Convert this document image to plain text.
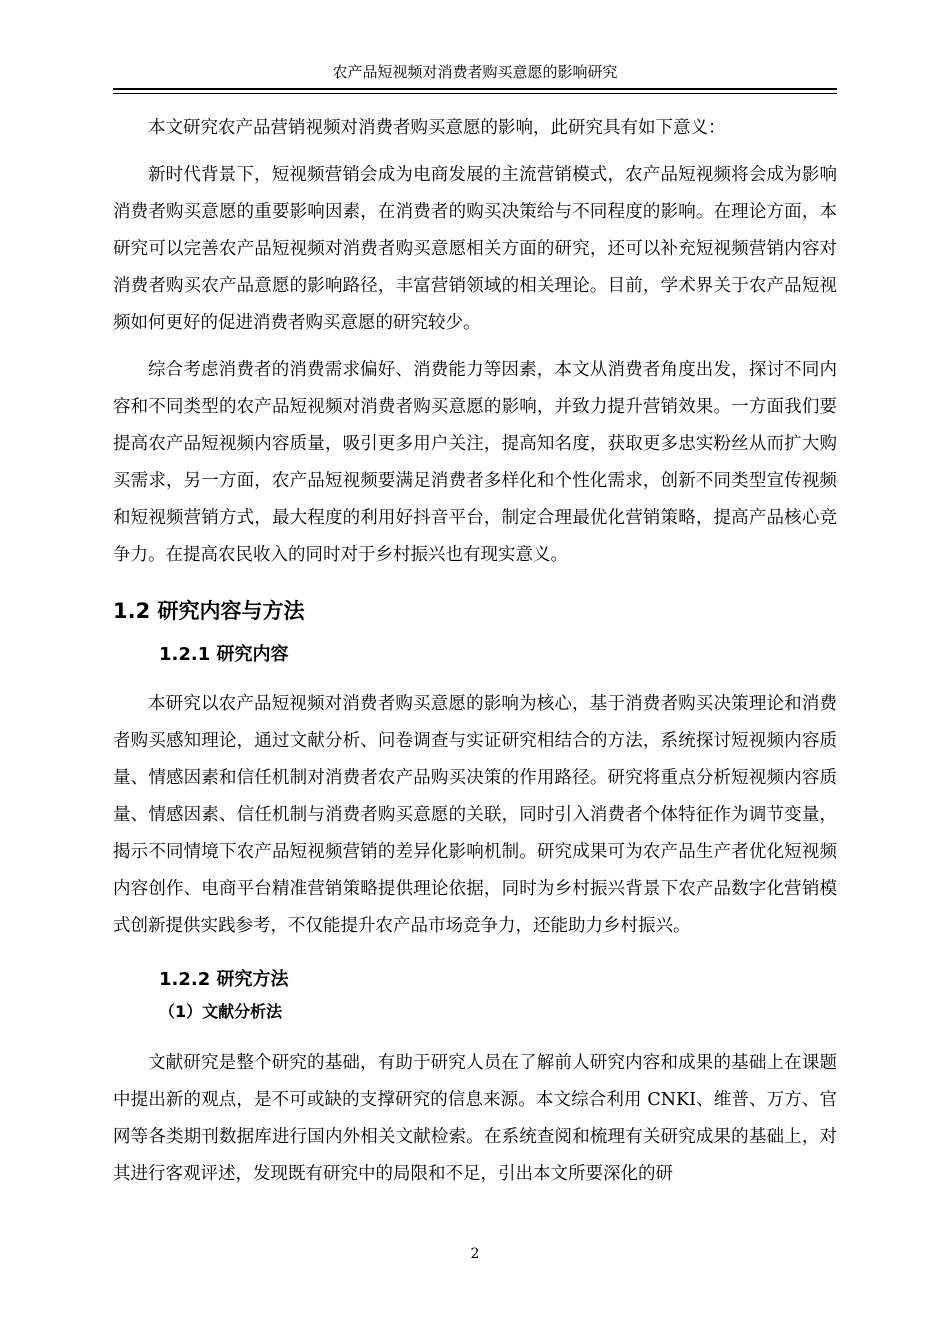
农产品短视频对消费者购买意愿的影响研究

本文研究农产品营销视频对消费者购买意愿的影响，此研究具有如下意义：

新时代背景下，短视频营销会成为电商发展的主流营销模式，农产品短视频将会成为影响消费者购买意愿的重要影响因素，在消费者的购买决策给与不同程度的影响。在理论方面，本研究可以完善农产品短视频对消费者购买意愿相关方面的研究，还可以补充短视频营销内容对消费者购买农产品意愿的影响路径，丰富营销领域的相关理论。目前，学术界关于农产品短视频如何更好的促进消费者购买意愿的研究较少。

综合考虑消费者的消费需求偏好、消费能力等因素，本文从消费者角度出发，探讨不同内容和不同类型的农产品短视频对消费者购买意愿的影响，并致力提升营销效果。一方面我们要提高农产品短视频内容质量，吸引更多用户关注，提高知名度，获取更多忠实粉丝从而扩大购买需求，另一方面，农产品短视频要满足消费者多样化和个性化需求，创新不同类型宣传视频和短视频营销方式，最大程度的利用好抖音平台，制定合理最优化营销策略，提高产品核心竞争力。在提高农民收入的同时对于乡村振兴也有现实意义。

1.2 研究内容与方法
1.2.1 研究内容

本研究以农产品短视频对消费者购买意愿的影响为核心，基于消费者购买决策理论和消费者购买感知理论，通过文献分析、问卷调查与实证研究相结合的方法，系统探讨短视频内容质量、情感因素和信任机制对消费者农产品购买决策的作用路径。研究将重点分析短视频内容质量、情感因素、信任机制与消费者购买意愿的关联，同时引入消费者个体特征作为调节变量，揭示不同情境下农产品短视频营销的差异化影响机制。研究成果可为农产品生产者优化短视频内容创作、电商平台精准营销策略提供理论依据，同时为乡村振兴背景下农产品数字化营销模式创新提供实践参考，不仅能提升农产品市场竞争力，还能助力乡村振兴。

1.2.2 研究方法
（1）文献分析法

文献研究是整个研究的基础，有助于研究人员在了解前人研究内容和成果的基础上在课题中提出新的观点，是不可或缺的支撑研究的信息来源。本文综合利用 CNKI、维普、万方、官网等各类期刊数据库进行国内外相关文献检索。在系统查阅和梳理有关研究成果的基础上，对其进行客观评述，发现既有研究中的局限和不足，引出本文所要深化的研

2
